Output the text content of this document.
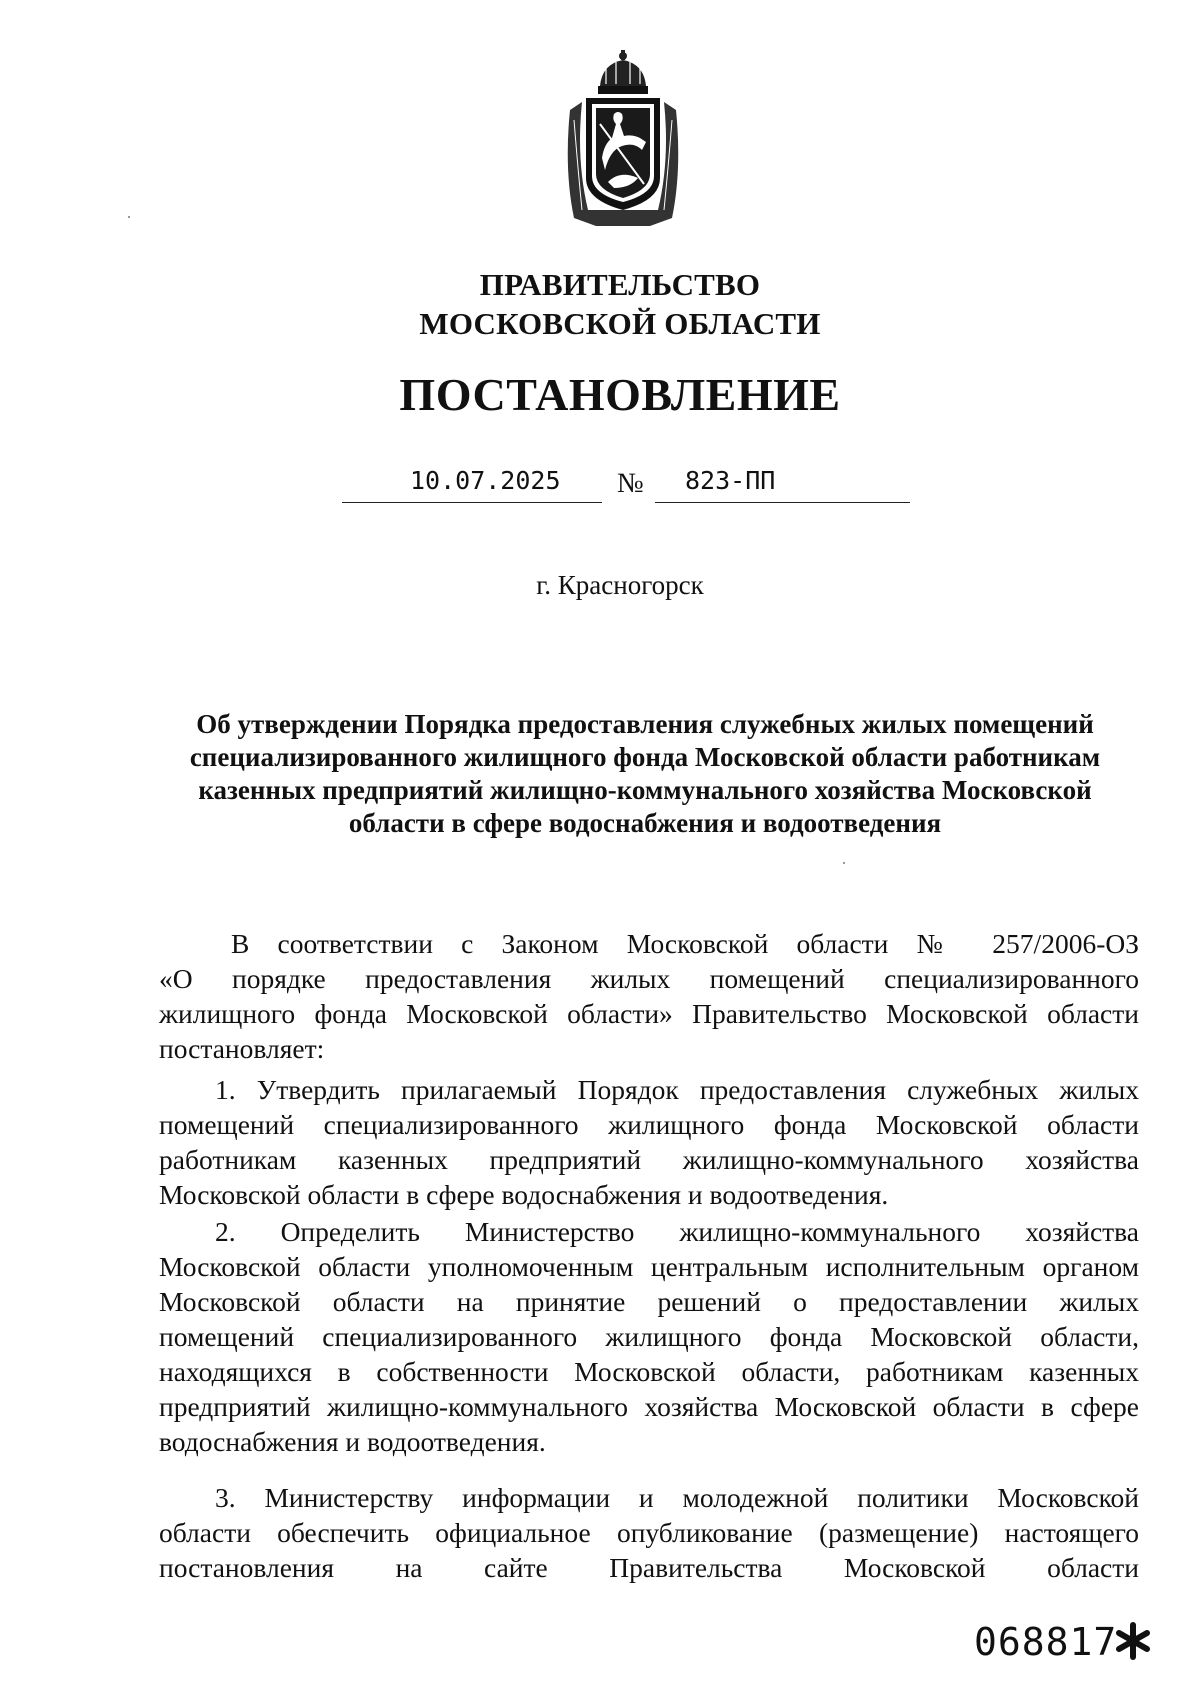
ПРАВИТЕЛЬСТВО
МОСКОВСКОЙ ОБЛАСТИ
ПОСТАНОВЛЕНИЕ
10.07.2025 № 823-ПП
г. Красногорск
Об утверждении Порядка предоставления служебных жилых помещений
специализированного жилищного фонда Московской области работникам
казенных предприятий жилищно-коммунального хозяйства Московской
области в сфере водоснабжения и водоотведения
В соответствии с Законом Московской области № 257/2006-ОЗ
«О порядке предоставления жилых помещений специализированного
жилищного фонда Московской области» Правительство Московской области
постановляет:
1. Утвердить прилагаемый Порядок предоставления служебных жилых
помещений специализированного жилищного фонда Московской области
работникам казенных предприятий жилищно-коммунального хозяйства
Московской области в сфере водоснабжения и водоотведения.
2. Определить Министерство жилищно-коммунального хозяйства
Московской области уполномоченным центральным исполнительным органом
Московской области на принятие решений о предоставлении жилых
помещений специализированного жилищного фонда Московской области,
находящихся в собственности Московской области, работникам казенных
предприятий жилищно-коммунального хозяйства Московской области в сфере
водоснабжения и водоотведения.
3. Министерству информации и молодежной политики Московской
области обеспечить официальное опубликование (размещение) настоящего
постановления на сайте Правительства Московской области
068817
